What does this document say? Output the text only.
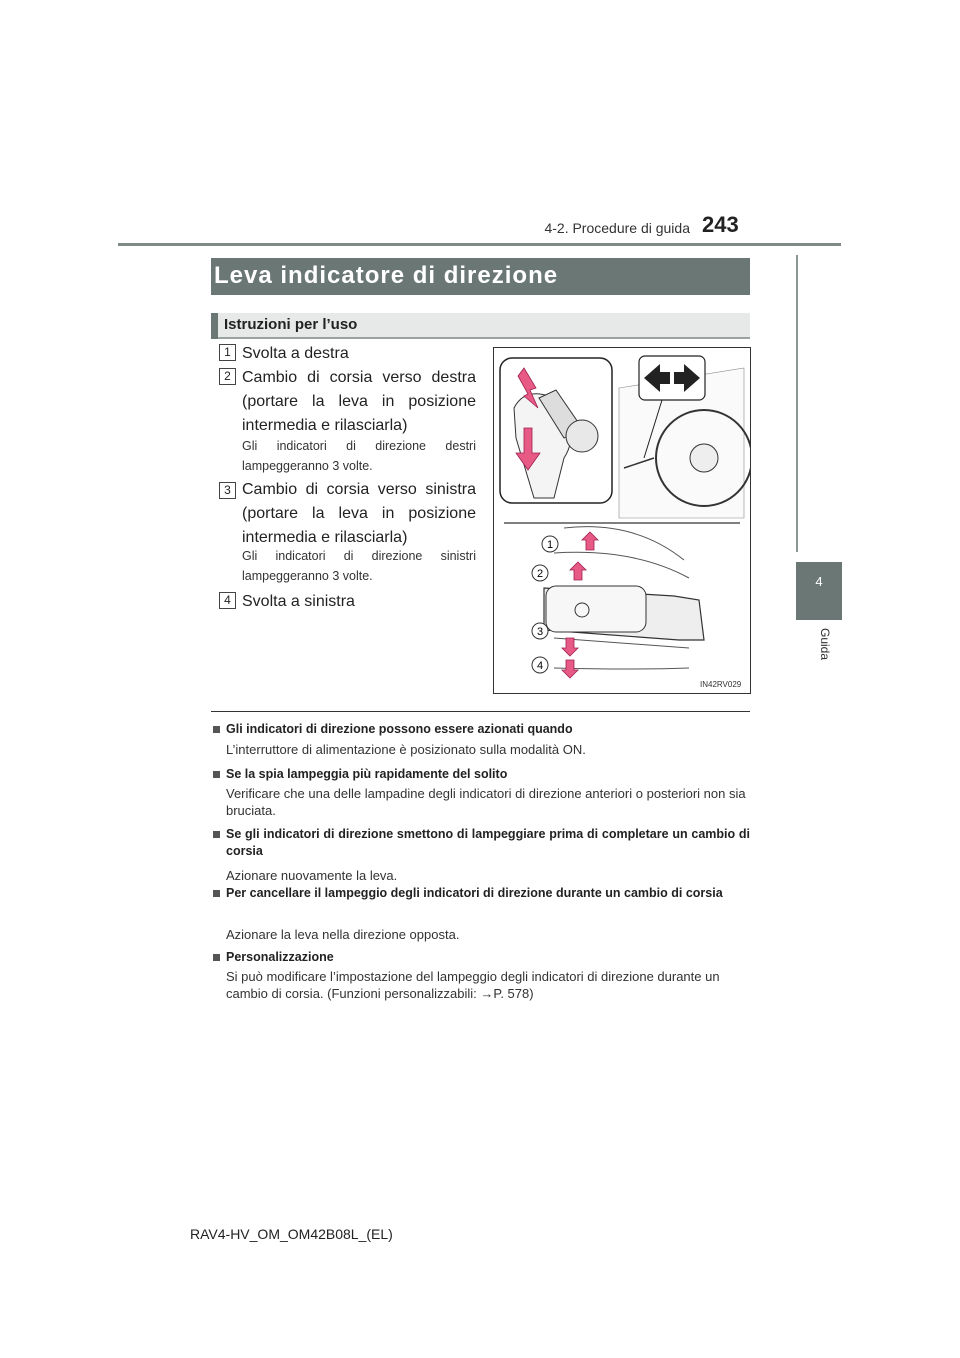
4-2. Procedure di guida 243
4
Guida
Leva indicatore di direzione
Istruzioni per l’uso
1 Svolta a destra
2 Cambio di corsia verso destra (portare la leva in posizione intermedia e rilasciarla)
Gli indicatori di direzione destri lampeggeranno 3 volte.
3 Cambio di corsia verso sinistra (portare la leva in posizione intermedia e rilasciarla)
Gli indicatori di direzione sinistri lampeggeranno 3 volte.
4 Svolta a sinistra
1
2
3
4
IN42RV029
Gli indicatori di direzione possono essere azionati quando
L’interruttore di alimentazione è posizionato sulla modalità ON.
Se la spia lampeggia più rapidamente del solito
Verificare che una delle lampadine degli indicatori di direzione anteriori o posteriori non sia bruciata.
Se gli indicatori di direzione smettono di lampeggiare prima di completare un cambio di corsia
Azionare nuovamente la leva.
Per cancellare il lampeggio degli indicatori di direzione durante un cambio di corsia
Azionare la leva nella direzione opposta.
Personalizzazione
Si può modificare l’impostazione del lampeggio degli indicatori di direzione durante un cambio di corsia. (Funzioni personalizzabili: →P. 578)
RAV4-HV_OM_OM42B08L_(EL)
